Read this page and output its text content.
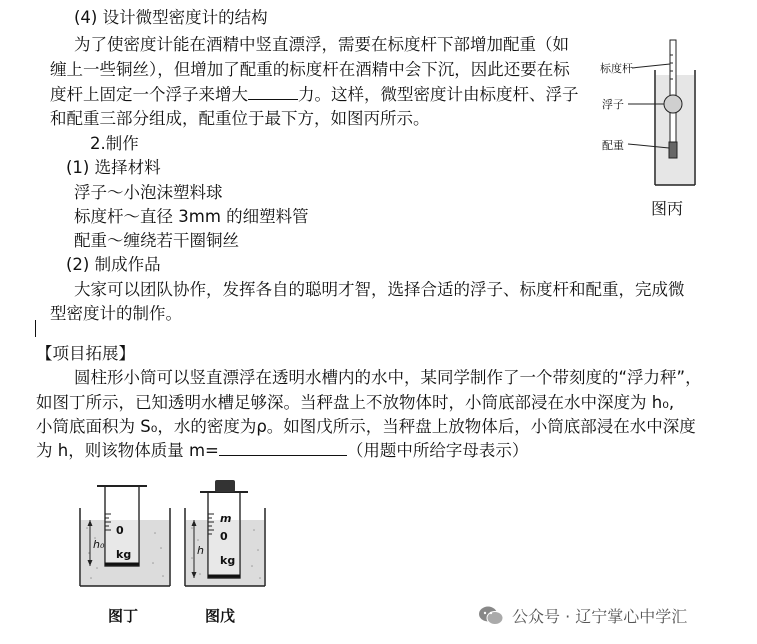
(4) 设计微型密度计的结构
为了使密度计能在酒精中竖直漂浮，需要在标度杆下部增加配重（如
缠上一些铜丝），但增加了配重的标度杆在酒精中会下沉，因此还要在标
度杆上固定一个浮子来增大	力。这样，微型密度计由标度杆、浮子
和配重三部分组成，配重位于最下方，如图丙所示。
2.制作
(1) 选择材料
浮子～小泡沫塑料球
标度杆～直径 3mm 的细塑料管
配重～缠绕若干圈铜丝
(2) 制成作品
大家可以团队协作，发挥各自的聪明才智，选择合适的浮子、标度杆和配重，完成微
型密度计的制作。
标度杆
浮子
配重
图丙
【项目拓展】
圆柱形小筒可以竖直漂浮在透明水槽内的水中，某同学制作了一个带刻度的“浮力秤”，
如图丁所示，已知透明水槽足够深。当秤盘上不放物体时，小筒底部浸在水中深度为 h₀,
小筒底面积为 S₀，水的密度为ρ。如图戊所示，当秤盘上放物体后，小筒底部浸在水中深度
为 h，则该物体质量 m=	（用题中所给字母表示）
0
kg
h₀
图丁
m
0
kg
h
图戊	公众号 · 辽宁掌心中学汇
